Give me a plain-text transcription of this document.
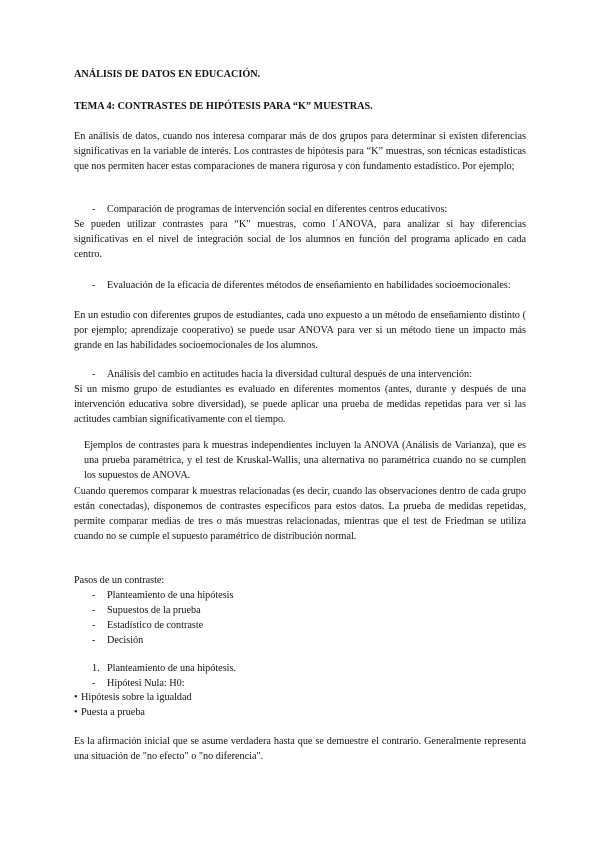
ANÁLISIS DE DATOS EN EDUCACIÓN.

TEMA 4: CONTRASTES DE HIPÓTESIS PARA “K” MUESTRAS.

En análisis de datos, cuando nos interesa comparar más de dos grupos para determinar si existen diferencias significativas en la variable de interés. Los contrastes de hipótesis para “K” muestras, son técnicas estadísticas que nos permiten hacer estas comparaciones de manera rigurosa y con fundamento estadístico. Por ejemplo;

- Comparación de programas de intervención social en diferentes centros educativos:

Se pueden utilizar contrastes para “K” muestras, como l´ANOVA, para analizar si hay diferencias significativas en el nivel de integración social de los alumnos en función del programa aplicado en cada centro.

- Evaluación de la eficacia de diferentes métodos de enseñamiento en habilidades socioemocionales:

En un estudio con diferentes grupos de estudiantes, cada uno expuesto a un método de enseñamiento distinto ( por ejemplo; aprendizaje cooperativo) se puede usar ANOVA para ver si un método tiene un impacto más grande en las habilidades socioemocionales de los alumnos.

- Análisis del cambio en actitudes hacia la diversidad cultural después de una intervención:

Si un mismo grupo de estudiantes es evaluado en diferentes momentos (antes, durante y después de una intervención educativa sobre diversidad), se puede aplicar una prueba de medidas repetidas para ver si las actitudes cambian significativamente con el tiempo.

Ejemplos de contrastes para k muestras independientes incluyen la ANOVA (Análisis de Varianza), que es una prueba paramétrica, y el test de Kruskal-Wallis, una alternativa no paramétrica cuando no se cumplen los supuestos de ANOVA.

Cuando queremos comparar k muestras relacionadas (es decir, cuando las observaciones dentro de cada grupo están conectadas), disponemos de contrastes específicos para estos datos. La prueba de medidas repetidas, permite comparar medias de tres o más muestras relacionadas, mientras que el test de Friedman se utiliza cuando no se cumple el supuesto paramétrico de distribución normal.

Pasos de un contraste:

- Planteamiento de una hipótesis

- Supuestos de la prueba

- Estadístico de contraste

- Decisión

1. Planteamiento de una hipótesis.

- Hipótesi Nula: H0:

• Hipótesis sobre la igualdad

• Puesta a prueba

Es la afirmación inicial que se asume verdadera hasta que se demuestre el contrario. Generalmente representa una situación de "no efecto" o "no diferencia".
